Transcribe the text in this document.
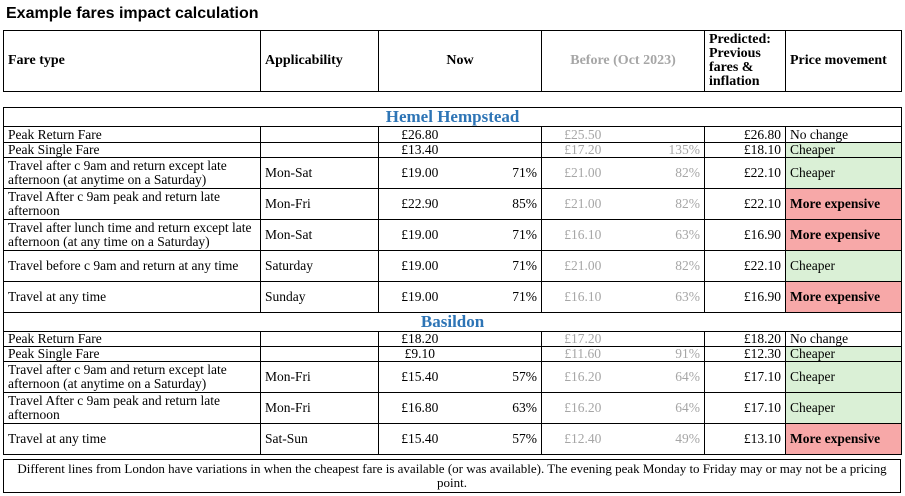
Example fares impact calculation
Fare type	Applicability	Now	Before (Oct 2023)	Predicted: Previous fares & inflation	Price movement
Hemel Hempstead							
Peak Return Fare		£26.80		£25.50		£26.80	No change
Peak Single Fare		£13.40		£17.20	135%	£18.10	Cheaper
Travel after c 9am and return except late afternoon (at anytime on a Saturday)	Mon-Sat	£19.00	71%	£21.00	82%	£22.10	Cheaper
Travel After c 9am peak and return late afternoon	Mon-Fri	£22.90	85%	£21.00	82%	£22.10	More expensive
Travel after lunch time and return except late afternoon (at any time on a Saturday)	Mon-Sat	£19.00	71%	£16.10	63%	£16.90	More expensive
Travel before c 9am and return at any time	Saturday	£19.00	71%	£21.00	82%	£22.10	Cheaper
Travel at any time	Sunday	£19.00	71%	£16.10	63%	£16.90	More expensive
Basildon							
Peak Return Fare		£18.20		£17.20		£18.20	No change
Peak Single Fare		£9.10		£11.60	91%	£12.30	Cheaper
Travel after c 9am and return except late afternoon (at anytime on a Saturday)	Mon-Fri	£15.40	57%	£16.20	64%	£17.10	Cheaper
Travel After c 9am peak and return late afternoon	Mon-Fri	£16.80	63%	£16.20	64%	£17.10	Cheaper
Travel at any time	Sat-Sun	£15.40	57%	£12.40	49%	£13.10	More expensive
Different lines from London have variations in when the cheapest fare is available (or was available). The evening peak Monday to Friday may or may not be a pricing point.
